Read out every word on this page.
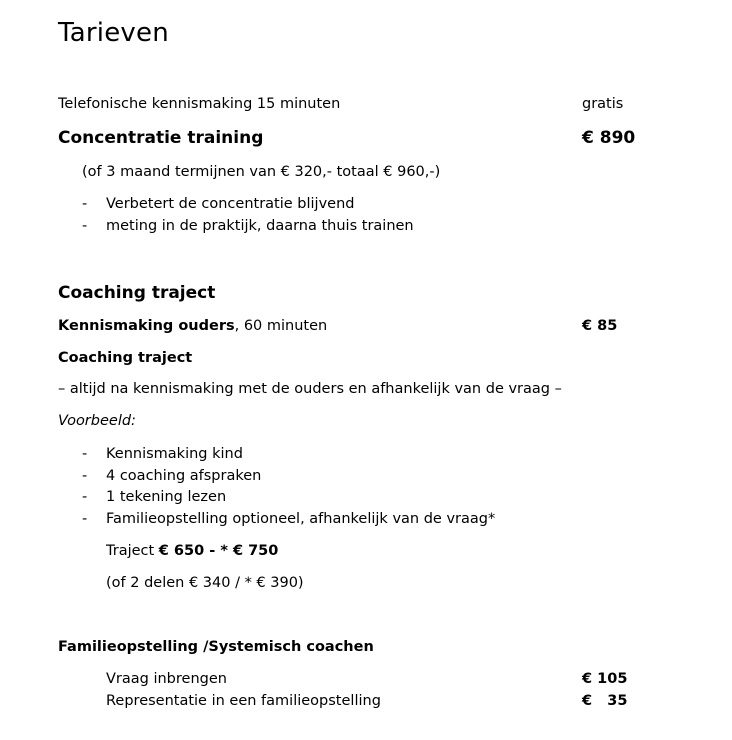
Tarieven
Telefonische kennismaking 15 minuten	gratis
Concentratie training	€ 890
(of 3 maand termijnen van € 320,- totaal € 960,-)
-	Verbetert de concentratie blijvend
-	meting in de praktijk, daarna thuis trainen
Coaching traject
Kennismaking ouders, 60 minuten	€ 85
Coaching traject
– altijd na kennismaking met de ouders en afhankelijk van de vraag –
Voorbeeld:
-	Kennismaking kind
-	4 coaching afspraken
-	1 tekening lezen
-	Familieopstelling optioneel, afhankelijk van de vraag*
Traject € 650 - * € 750
(of 2 delen € 340 / * € 390)
Familieopstelling /Systemisch coachen
Vraag inbrengen	€ 105
Representatie in een familieopstelling	€   35
